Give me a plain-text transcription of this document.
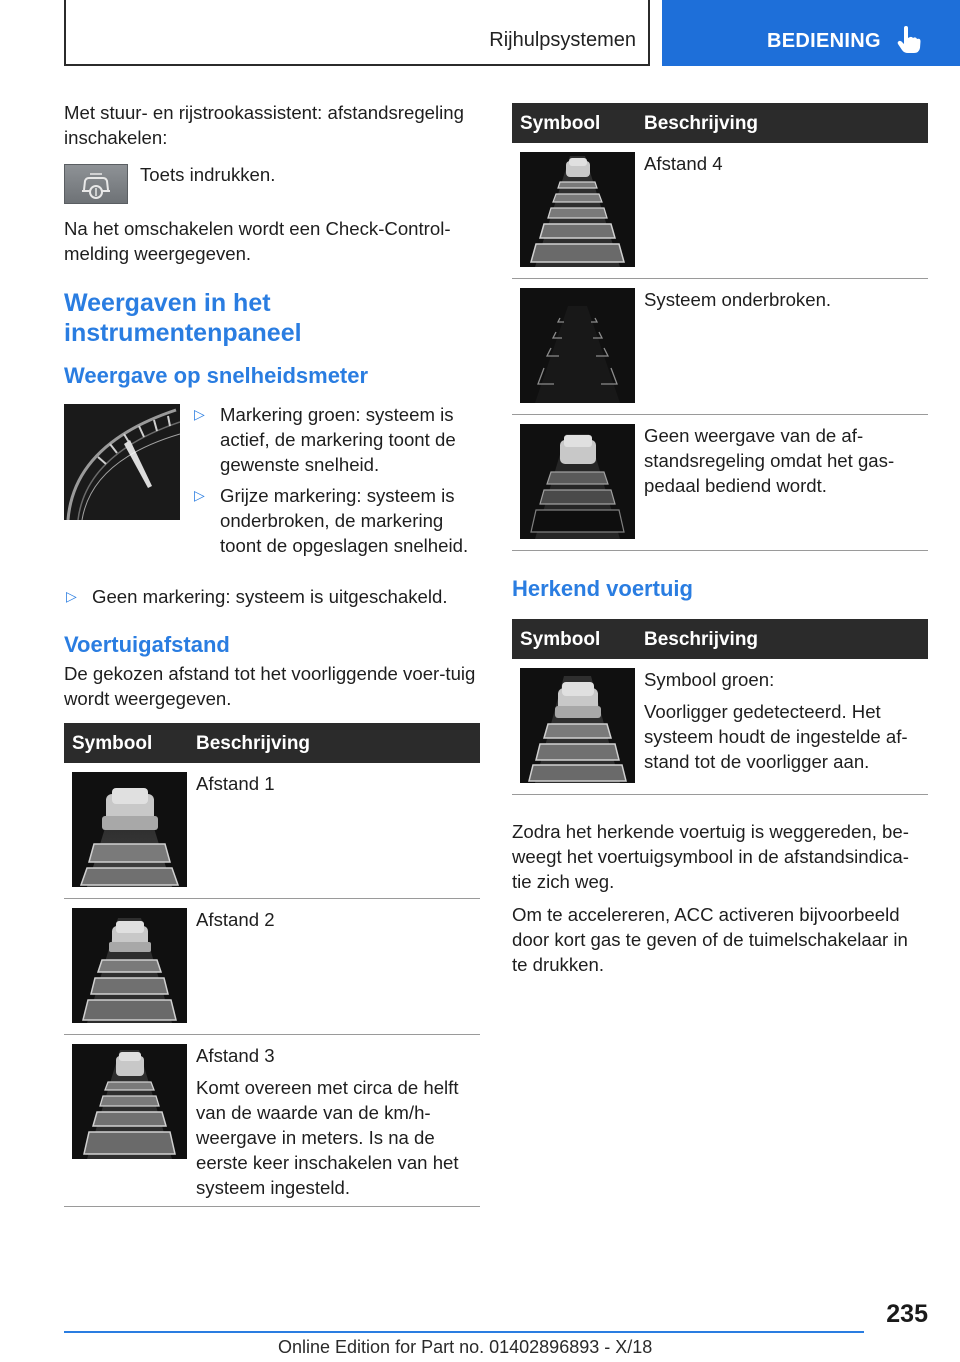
Rijhulpsystemen	BEDIENING

Met stuur- en rijstrookassistent: afstandsregeling inschakelen:

Toets indrukken.

Na het omschakelen wordt een Check-Control-melding weergegeven.

Weergaven in het instrumentenpaneel
Weergave op snelheidsmeter
▷ Markering groen: systeem is actief, de markering toont de gewenste snelheid.
▷ Grijze markering: systeem is onderbroken, de markering toont de opgeslagen snelheid.
▷ Geen markering: systeem is uitgeschakeld.
Voertuigafstand

De gekozen afstand tot het voorliggende voer-tuig wordt weergegeven.

Symbool Beschrijving
Afstand 1
Afstand 2
Afstand 3
Komt overeen met circa de helft van de waarde van de km/h-weergave in meters. Is na de eerste keer inschakelen van het systeem ingesteld.
Symbool Beschrijving
Afstand 4
Systeem onderbroken.
Geen weergave van de af-standsregeling omdat het gas-pedaal bediend wordt.
Herkend voertuig
Symbool Beschrijving
Symbool groen:
Voorligger gedetecteerd. Het systeem houdt de ingestelde af-stand tot de voorligger aan.

Zodra het herkende voertuig is weggereden, be-weegt het voertuigsymbool in de afstandsindica-tie zich weg.

Om te accelereren, ACC activeren bijvoorbeeld door kort gas te geven of de tuimelschakelaar in te drukken.

235
Online Edition for Part no. 01402896893 - X/18
